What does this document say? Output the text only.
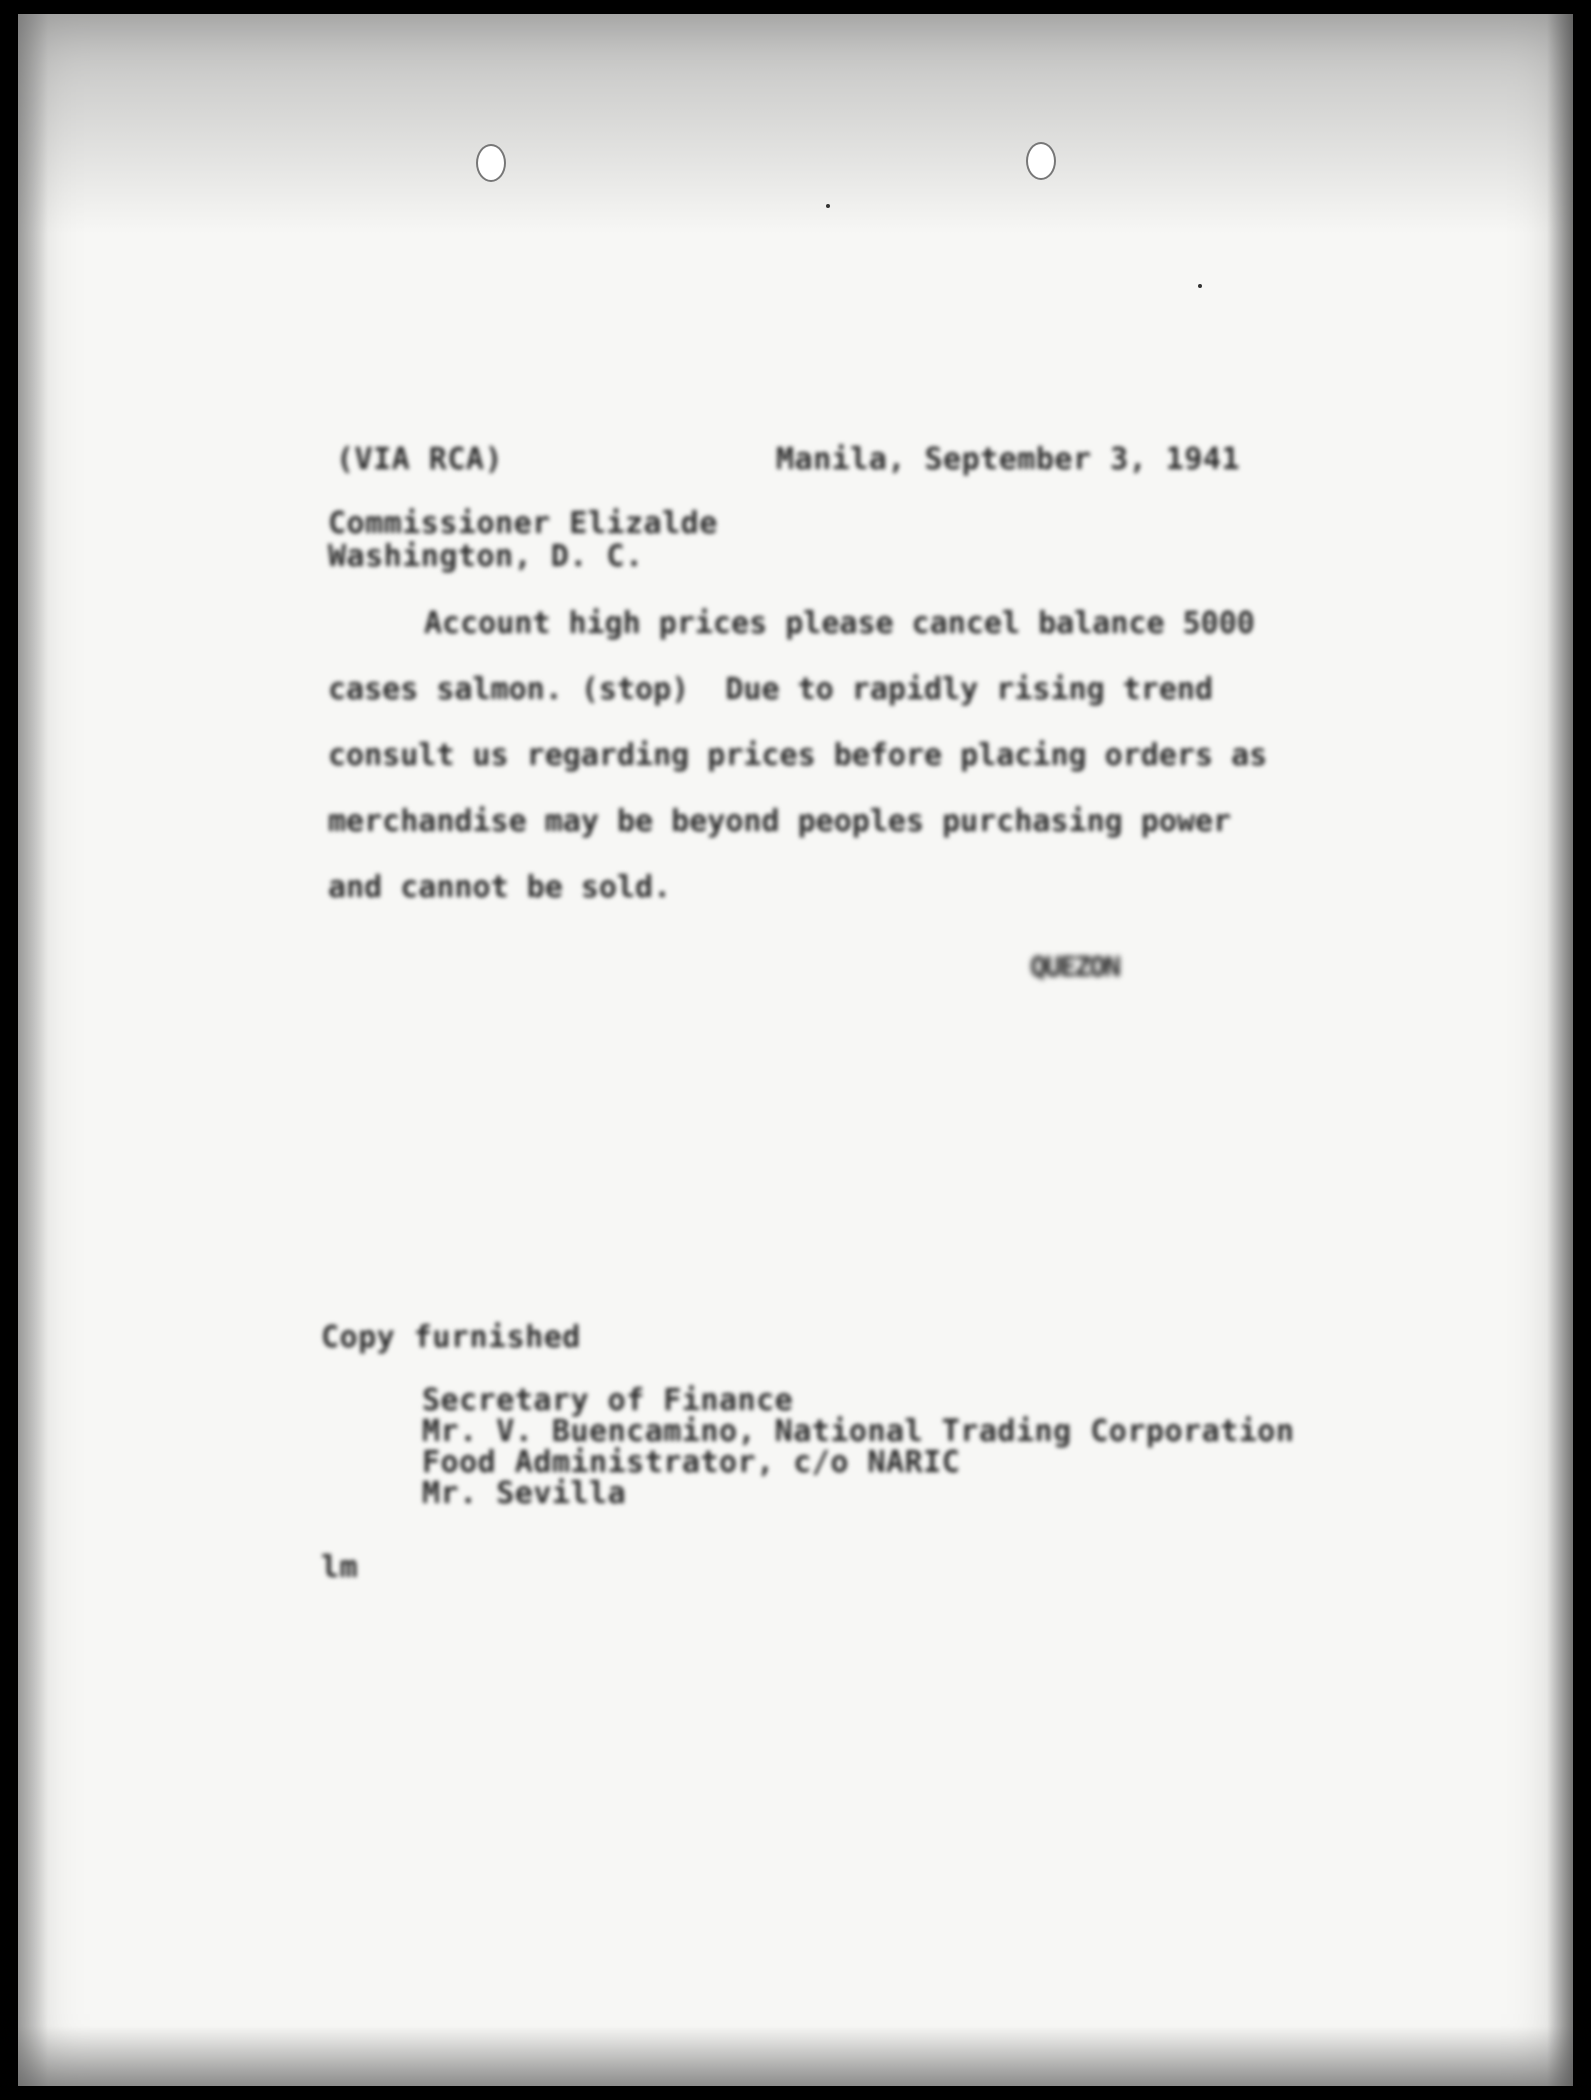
(VIA RCA)	Manila, September 3, 1941
Commissioner Elizalde
Washington, D. C.
Account high prices please cancel balance 5000
cases salmon. (stop)  Due to rapidly rising trend
consult us regarding prices before placing orders as
merchandise may be beyond peoples purchasing power
and cannot be sold.
QUEZON
Copy furnished
Secretary of Finance
Mr. V. Buencamino, National Trading Corporation
Food Administrator, c/o NARIC
Mr. Sevilla
lm
